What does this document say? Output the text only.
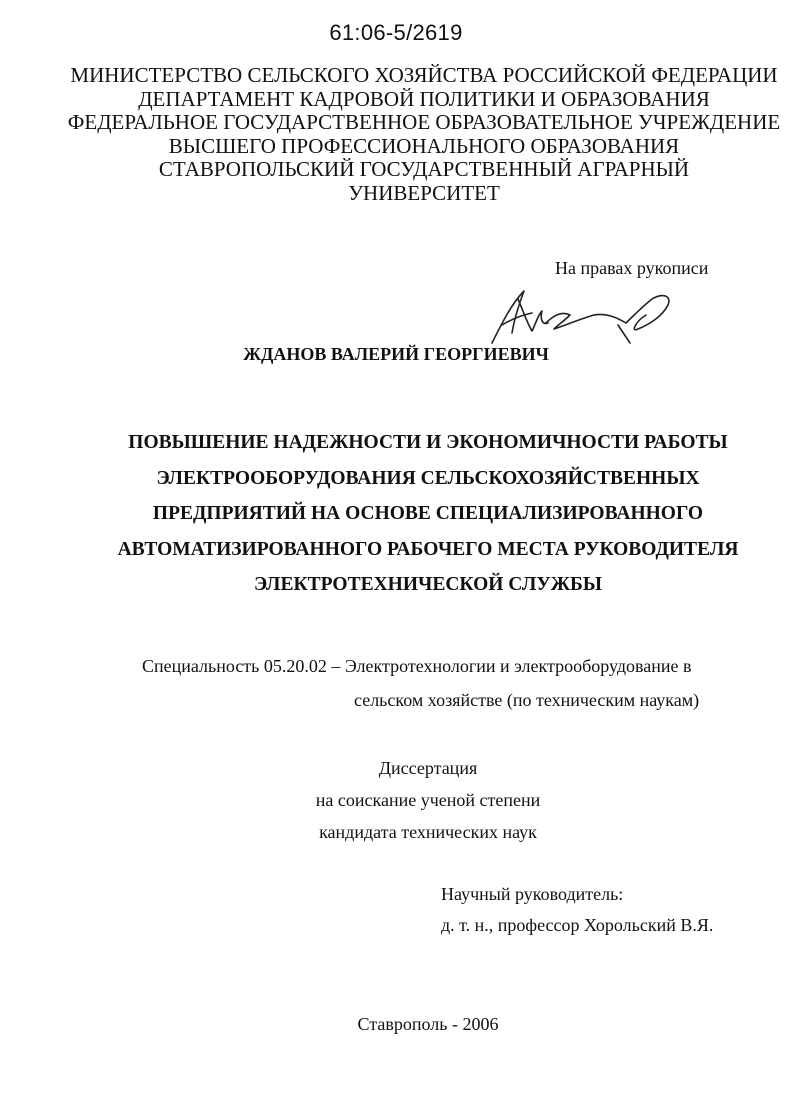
61:06-5/2619
МИНИСТЕРСТВО СЕЛЬСКОГО ХОЗЯЙСТВА РОССИЙСКОЙ ФЕДЕРАЦИИ
ДЕПАРТАМЕНТ КАДРОВОЙ ПОЛИТИКИ И ОБРАЗОВАНИЯ
ФЕДЕРАЛЬНОЕ ГОСУДАРСТВЕННОЕ ОБРАЗОВАТЕЛЬНОЕ УЧРЕЖДЕНИЕ
ВЫСШЕГО ПРОФЕССИОНАЛЬНОГО ОБРАЗОВАНИЯ
СТАВРОПОЛЬСКИЙ ГОСУДАРСТВЕННЫЙ АГРАРНЫЙ
УНИВЕРСИТЕТ
На правах рукописи
ЖДАНОВ ВАЛЕРИЙ ГЕОРГИЕВИЧ
ПОВЫШЕНИЕ НАДЕЖНОСТИ И ЭКОНОМИЧНОСТИ РАБОТЫ
ЭЛЕКТРООБОРУДОВАНИЯ СЕЛЬСКОХОЗЯЙСТВЕННЫХ
ПРЕДПРИЯТИЙ НА ОСНОВЕ СПЕЦИАЛИЗИРОВАННОГО
АВТОМАТИЗИРОВАННОГО РАБОЧЕГО МЕСТА РУКОВОДИТЕЛЯ
ЭЛЕКТРОТЕХНИЧЕСКОЙ СЛУЖБЫ
Специальность 05.20.02 – Электротехнологии и электрооборудование в
сельском хозяйстве (по техническим наукам)
Диссертация
на соискание ученой степени
кандидата технических наук
Научный руководитель:
д. т. н., профессор Хорольский В.Я.
Ставрополь - 2006
